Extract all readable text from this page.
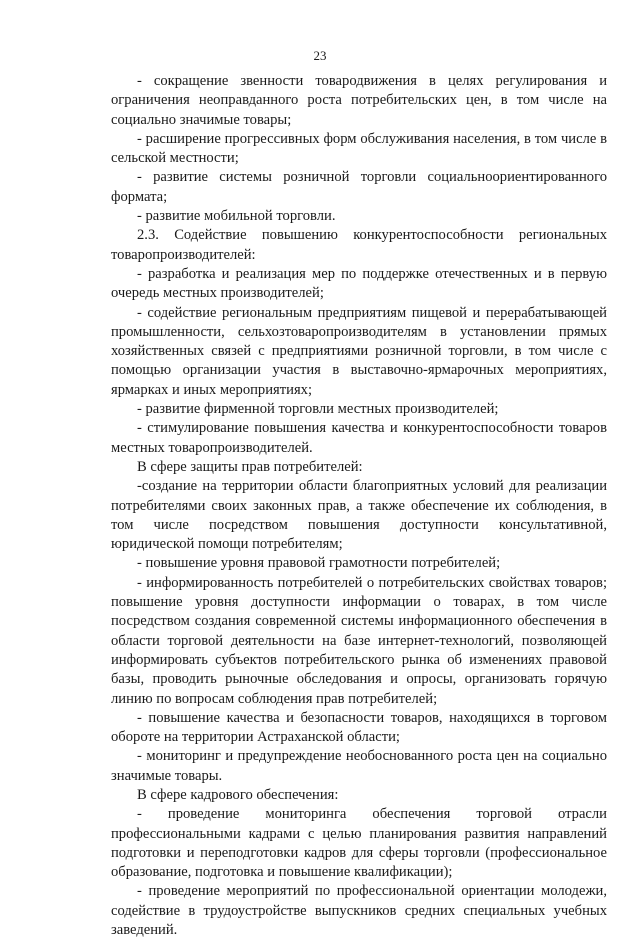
23

- сокращение звенности товародвижения в целях регулирования и ограничения неоправданного роста потребительских цен, в том числе на социально значимые товары;

- расширение прогрессивных форм обслуживания населения, в том числе в сельской местности;

- развитие системы розничной торговли социальноориентированного формата;

- развитие мобильной торговли.

2.3. Содействие повышению конкурентоспособности региональных товаропроизводителей:

- разработка и реализация мер по поддержке отечественных и в первую очередь местных производителей;

- содействие региональным предприятиям пищевой и перерабатывающей промышленности, сельхозтоваропроизводителям в установлении прямых хозяйственных связей с предприятиями розничной торговли, в том числе с помощью организации участия в выставочно-ярмарочных мероприятиях, ярмарках и иных мероприятиях;

- развитие фирменной торговли местных производителей;

- стимулирование повышения качества и конкурентоспособности товаров местных товаропроизводителей.

В сфере защиты прав потребителей:

-создание на территории области благоприятных условий для реализации потребителями своих законных прав, а также обеспечение их соблюдения, в том числе посредством повышения доступности консультативной, юридической помощи потребителям;

- повышение уровня правовой грамотности потребителей;

- информированность потребителей о потребительских свойствах товаров; повышение уровня доступности информации о товарах, в том числе посредством создания современной системы информационного обеспечения в области торговой деятельности на базе интернет-технологий, позволяющей информировать субъектов потребительского рынка об изменениях правовой базы, проводить рыночные обследования и опросы, организовать горячую линию по вопросам соблюдения прав потребителей;

- повышение качества и безопасности товаров, находящихся в торговом обороте на территории Астраханской области;

- мониторинг и предупреждение необоснованного роста цен на социально значимые товары.

В сфере кадрового обеспечения:

- проведение мониторинга обеспечения торговой отрасли профессиональными кадрами с целью планирования развития направлений подготовки и переподготовки кадров для сферы торговли (профессиональное образование, подготовка и повышение квалификации);

- проведение мероприятий по профессиональной ориентации молодежи, содействие в трудоустройстве выпускников средних специальных учебных заведений.
